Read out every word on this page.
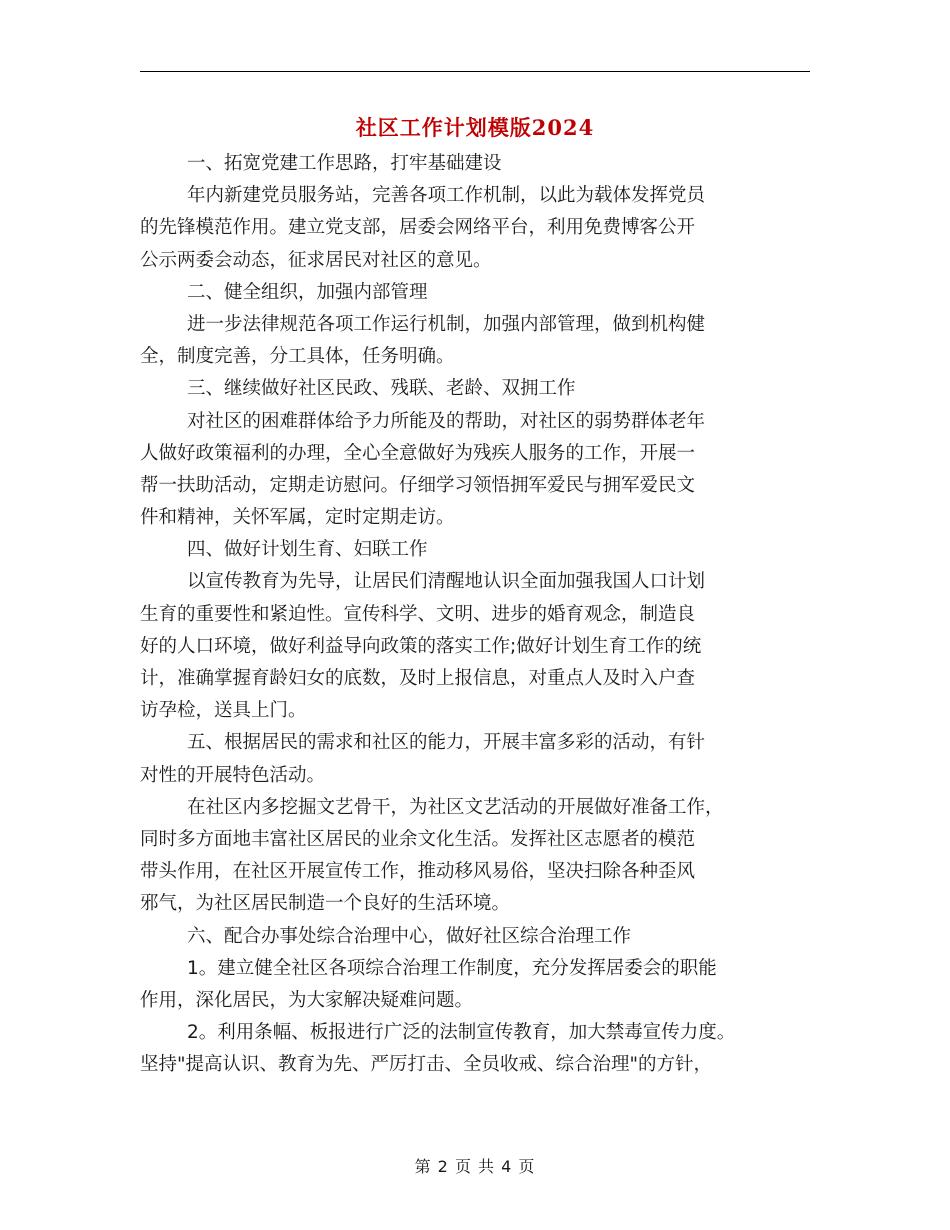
社区工作计划模版2024
一、拓宽党建工作思路，打牢基础建设
年内新建党员服务站，完善各项工作机制，以此为载体发挥党员
的先锋模范作用。建立党支部，居委会网络平台，利用免费博客公开
公示两委会动态，征求居民对社区的意见。
二、健全组织，加强内部管理
进一步法律规范各项工作运行机制，加强内部管理，做到机构健
全，制度完善，分工具体，任务明确。
三、继续做好社区民政、残联、老龄、双拥工作
对社区的困难群体给予力所能及的帮助，对社区的弱势群体老年
人做好政策福利的办理，全心全意做好为残疾人服务的工作，开展一
帮一扶助活动，定期走访慰问。仔细学习领悟拥军爱民与拥军爱民文
件和精神，关怀军属，定时定期走访。
四、做好计划生育、妇联工作
以宣传教育为先导，让居民们清醒地认识全面加强我国人口计划
生育的重要性和紧迫性。宣传科学、文明、进步的婚育观念，制造良
好的人口环境，做好利益导向政策的落实工作;做好计划生育工作的统
计，准确掌握育龄妇女的底数，及时上报信息，对重点人及时入户查
访孕检，送具上门。
五、根据居民的需求和社区的能力，开展丰富多彩的活动，有针
对性的开展特色活动。
在社区内多挖掘文艺骨干，为社区文艺活动的开展做好准备工作，
同时多方面地丰富社区居民的业余文化生活。发挥社区志愿者的模范
带头作用，在社区开展宣传工作，推动移风易俗，坚决扫除各种歪风
邪气，为社区居民制造一个良好的生活环境。
六、配合办事处综合治理中心，做好社区综合治理工作
1。建立健全社区各项综合治理工作制度，充分发挥居委会的职能
作用，深化居民，为大家解决疑难问题。
2。利用条幅、板报进行广泛的法制宣传教育，加大禁毒宣传力度。
坚持"提高认识、教育为先、严厉打击、全员收戒、综合治理"的方针，
第 2 页 共 4 页
